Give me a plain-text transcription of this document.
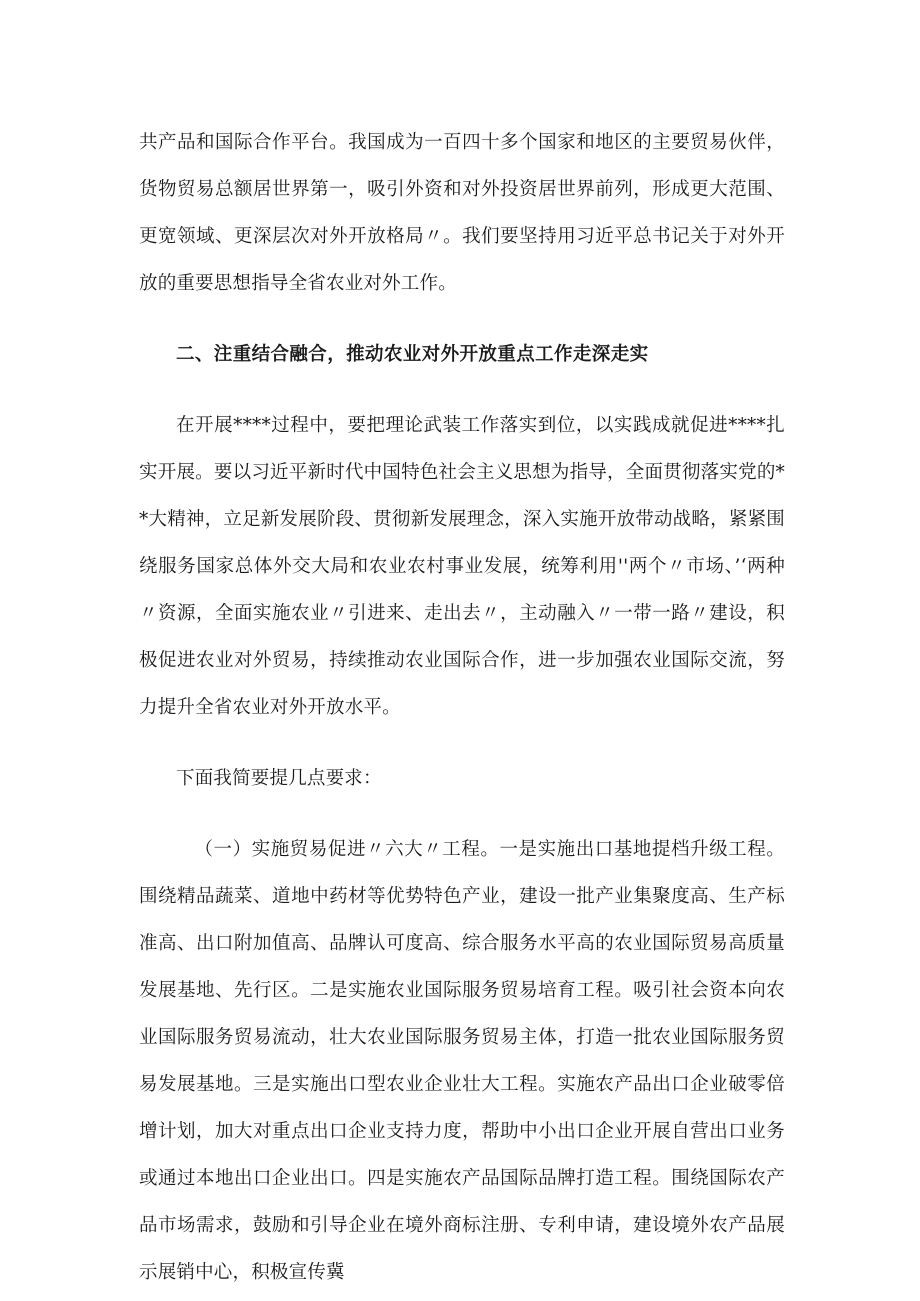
共产品和国际合作平台。我国成为一百四十多个国家和地区的主要贸易伙伴，货物贸易总额居世界第一，吸引外资和对外投资居世界前列，形成更大范围、更宽领域、更深层次对外开放格局〃。我们要坚持用习近平总书记关于对外开放的重要思想指导全省农业对外工作。

二、注重结合融合，推动农业对外开放重点工作走深走实

在开展****过程中，要把理论武装工作落实到位，以实践成就促进****扎实开展。要以习近平新时代中国特色社会主义思想为指导，全面贯彻落实党的**大精神，立足新发展阶段、贯彻新发展理念，深入实施开放带动战略，紧紧围绕服务国家总体外交大局和农业农村事业发展，统筹利用''两个〃市场、’‘两种〃资源，全面实施农业〃引进来、走出去〃，主动融入〃一带一路〃建设，积极促进农业对外贸易，持续推动农业国际合作，进一步加强农业国际交流，努力提升全省农业对外开放水平。

下面我简要提几点要求：

（一）实施贸易促进〃六大〃工程。一是实施出口基地提档升级工程。围绕精品蔬菜、道地中药材等优势特色产业，建设一批产业集聚度高、生产标准高、出口附加值高、品牌认可度高、综合服务水平高的农业国际贸易高质量发展基地、先行区。二是实施农业国际服务贸易培育工程。吸引社会资本向农业国际服务贸易流动，壮大农业国际服务贸易主体，打造一批农业国际服务贸易发展基地。三是实施出口型农业企业壮大工程。实施农产品出口企业破零倍增计划，加大对重点出口企业支持力度，帮助中小出口企业开展自营出口业务或通过本地出口企业出口。四是实施农产品国际品牌打造工程。围绕国际农产品市场需求，鼓励和引导企业在境外商标注册、专利申请，建设境外农产品展示展销中心，积极宣传冀
